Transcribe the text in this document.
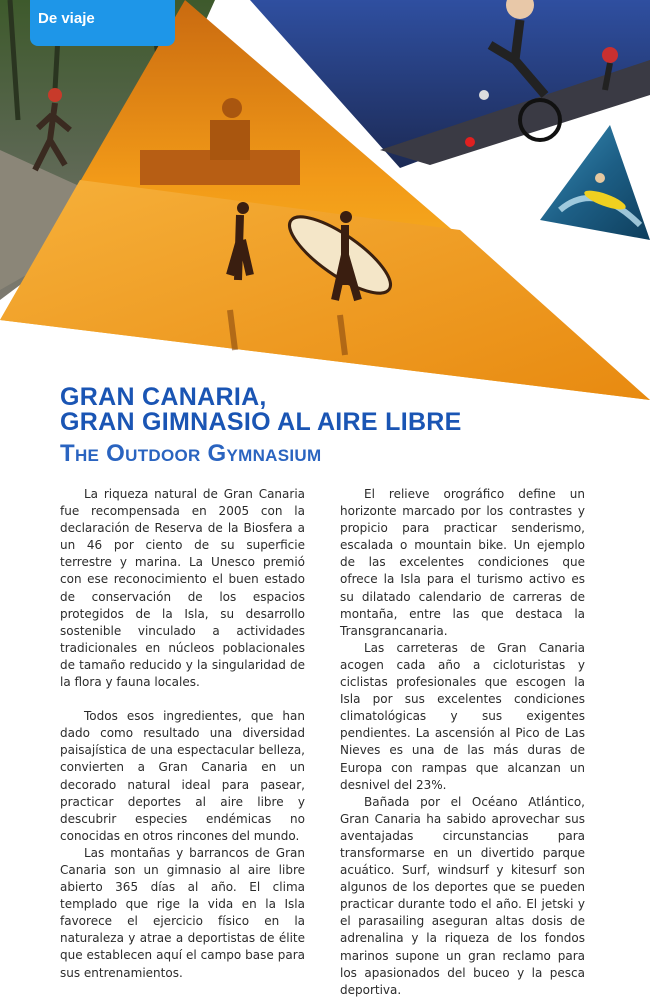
De viaje
GRAN CANARIA,
GRAN GIMNASIO AL AIRE LIBRE
The Outdoor Gymnasium

La riqueza natural de Gran Canaria fue recompensada en 2005 con la declaración de Reserva de la Biosfera a un 46 por ciento de su superficie terrestre y marina. La Unesco premió con ese reconocimiento el buen estado de conservación de los espacios protegidos de la Isla, su desarrollo sostenible vinculado a actividades tradicionales en núcleos poblacionales de tamaño reducido y la singularidad de la flora y fauna locales.

Todos esos ingredientes, que han dado como resultado una diversidad paisajística de una espectacular belleza, convierten a Gran Canaria en un decorado natural ideal para pasear, practicar deportes al aire libre y descubrir especies endémicas no conocidas en otros rincones del mundo.

Las montañas y barrancos de Gran Canaria son un gimnasio al aire libre abierto 365 días al año. El clima templado que rige la vida en la Isla favorece el ejercicio físico en la naturaleza y atrae a deportistas de élite que establecen aquí el campo base para sus entrenamientos.

El relieve orográfico define un horizonte marcado por los contrastes y propicio para practicar senderismo, escalada o mountain bike. Un ejemplo de las excelentes condiciones que ofrece la Isla para el turismo activo es su dilatado calendario de carreras de montaña, entre las que destaca la Transgrancanaria.

Las carreteras de Gran Canaria acogen cada año a cicloturistas y ciclistas profesionales que escogen la Isla por sus excelentes condiciones climatológicas y sus exigentes pendientes. La ascensión al Pico de Las Nieves es una de las más duras de Europa con rampas que alcanzan un desnivel del 23%.

Bañada por el Océano Atlántico, Gran Canaria ha sabido aprovechar sus aventajadas circunstancias para transformarse en un divertido parque acuático. Surf, windsurf y kitesurf son algunos de los deportes que se pueden practicar durante todo el año. El jetski y el parasailing aseguran altas dosis de adrenalina y la riqueza de los fondos marinos supone un gran reclamo para los apasionados del buceo y la pesca deportiva.
